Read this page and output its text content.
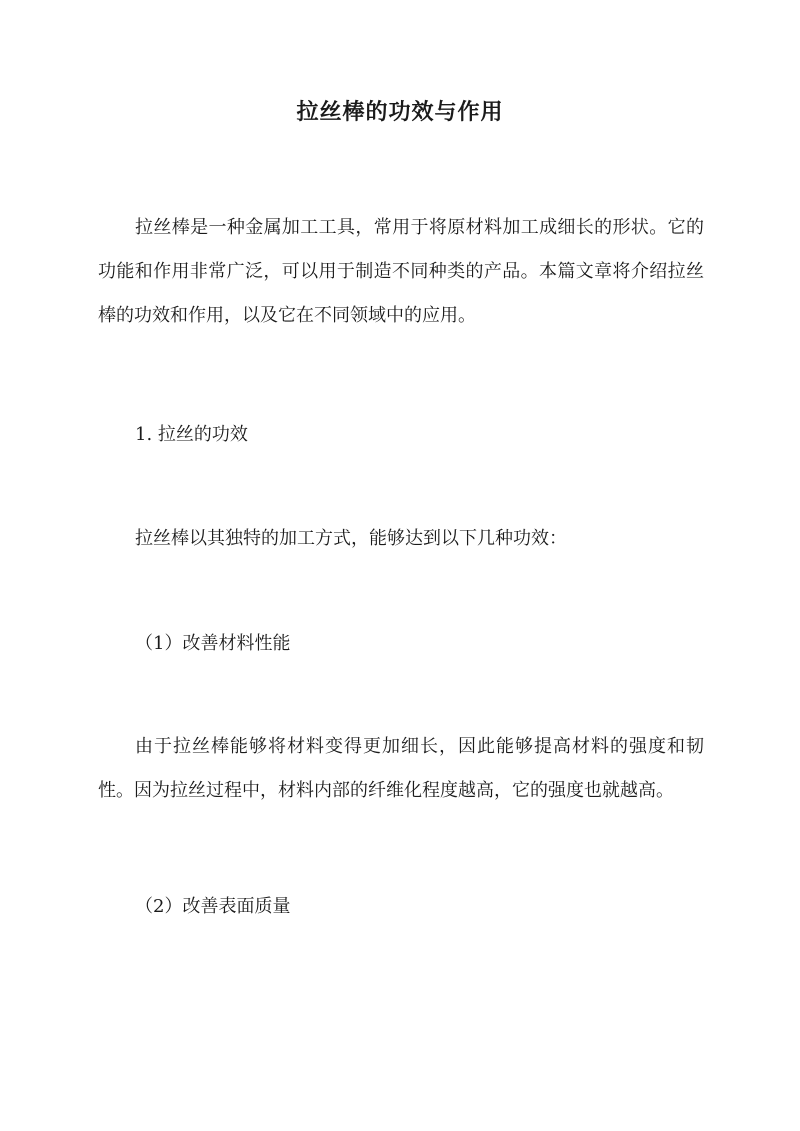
拉丝棒的功效与作用

拉丝棒是一种金属加工工具，常用于将原材料加工成细长的形状。它的功能和作用非常广泛，可以用于制造不同种类的产品。本篇文章将介绍拉丝棒的功效和作用，以及它在不同领域中的应用。

1. 拉丝的功效

拉丝棒以其独特的加工方式，能够达到以下几种功效：

（1）改善材料性能

由于拉丝棒能够将材料变得更加细长，因此能够提高材料的强度和韧性。因为拉丝过程中，材料内部的纤维化程度越高，它的强度也就越高。

（2）改善表面质量
